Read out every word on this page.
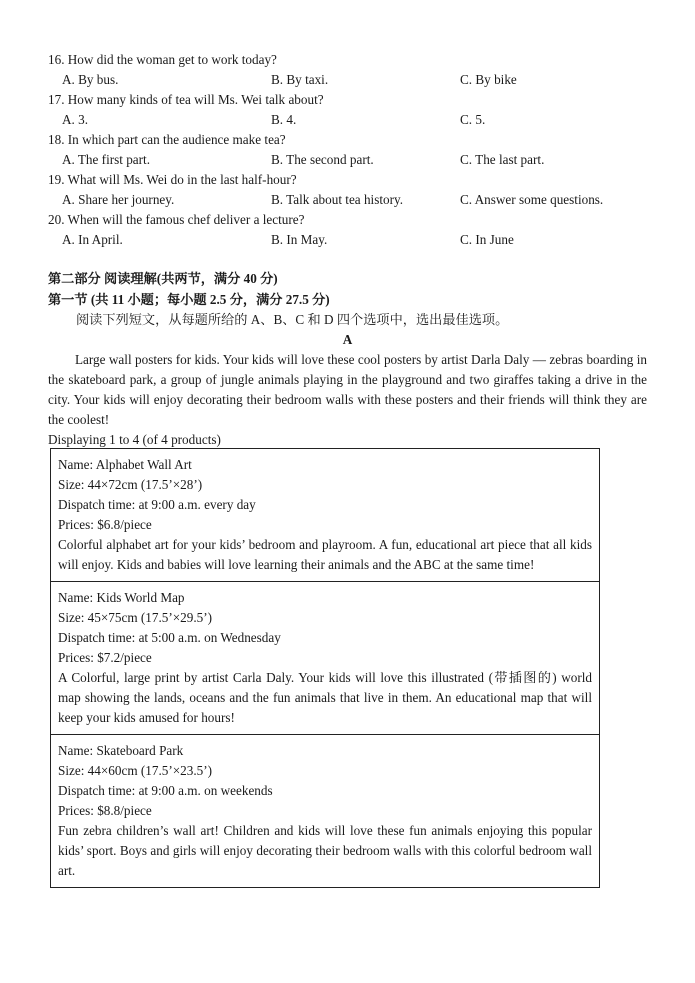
16. How did the woman get to work today?
A. By bus.	B. By taxi.	C. By bike
17. How many kinds of tea will Ms. Wei talk about?
A. 3.	B. 4.	C. 5.
18. In which part can the audience make tea?
A. The first part.	B. The second part.	C. The last part.
19. What will Ms. Wei do in the last half-hour?
A. Share her journey.	B. Talk about tea history.	C. Answer some questions.
20. When will the famous chef deliver a lecture?
A. In April.	B. In May.	C. In June
第二部分 阅读理解(共两节，满分 40 分)
第一节 (共 11 小题；每小题 2.5 分，满分 27.5 分)
阅读下列短文，从每题所给的 A、B、C 和 D 四个选项中，选出最佳选项。
A
Large wall posters for kids. Your kids will love these cool posters by artist Darla Daly — zebras boarding in the skateboard park, a group of jungle animals playing in the playground and two giraffes taking a drive in the city. Your kids will enjoy decorating their bedroom walls with these posters and their friends will think they are the coolest!
Displaying 1 to 4 (of 4 products)
Name: Alphabet Wall Art
Size: 44×72cm (17.5’×28’)
Dispatch time: at 9:00 a.m. every day
Prices: $6.8/piece
Colorful alphabet art for your kids’ bedroom and playroom. A fun, educational art piece that all kids will enjoy. Kids and babies will love learning their animals and the ABC at the same time!
Name: Kids World Map
Size: 45×75cm (17.5’×29.5’)
Dispatch time: at 5:00 a.m. on Wednesday
Prices: $7.2/piece
A Colorful, large print by artist Carla Daly. Your kids will love this illustrated (带插图的) world map showing the lands, oceans and the fun animals that live in them. An educational map that will keep your kids amused for hours!
Name: Skateboard Park
Size: 44×60cm (17.5’×23.5’)
Dispatch time: at 9:00 a.m. on weekends
Prices: $8.8/piece
Fun zebra children’s wall art! Children and kids will love these fun animals enjoying this popular kids’ sport. Boys and girls will enjoy decorating their bedroom walls with this colorful bedroom wall art.
